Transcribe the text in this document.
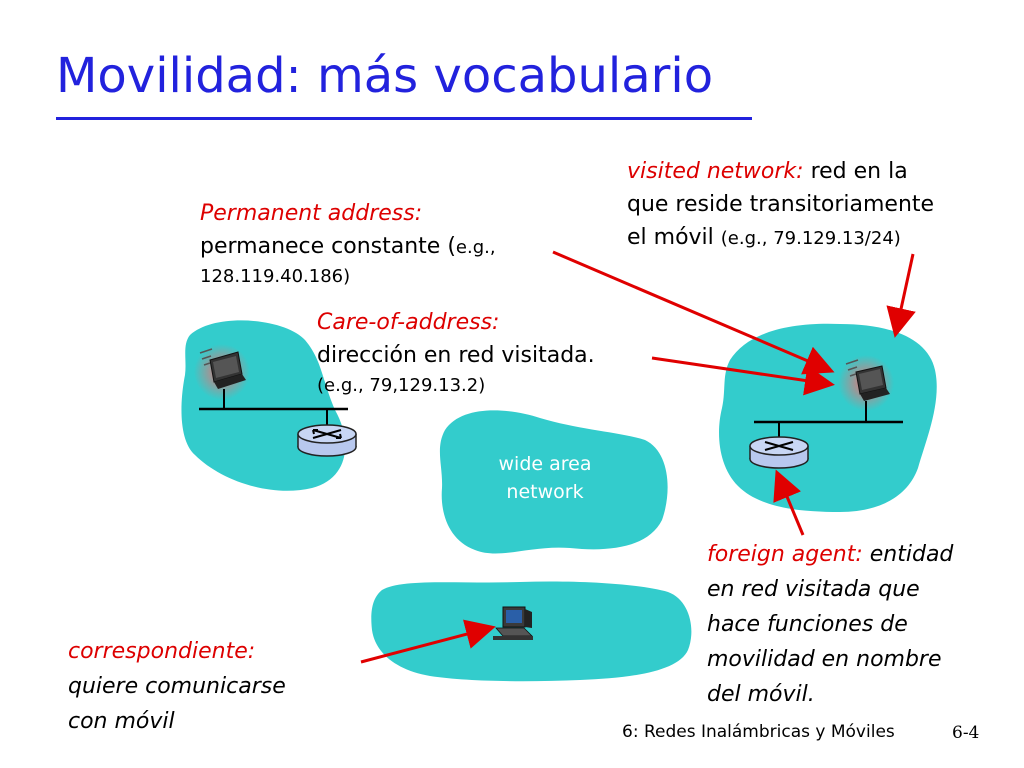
Movilidad: más vocabulario
wide area
network
visited network: red en la
que reside transitoriamente
el móvil (e.g., 79.129.13/24)
Permanent address:
permanece constante (e.g.,
128.119.40.186)
Care-of-address:
dirección en red visitada.
(e.g., 79,129.13.2)
foreign agent: entidad
en red visitada que
hace funciones de
movilidad en nombre
del móvil.
correspondiente:
quiere comunicarse
con móvil	6: Redes Inalámbricas y Móviles	6-4
